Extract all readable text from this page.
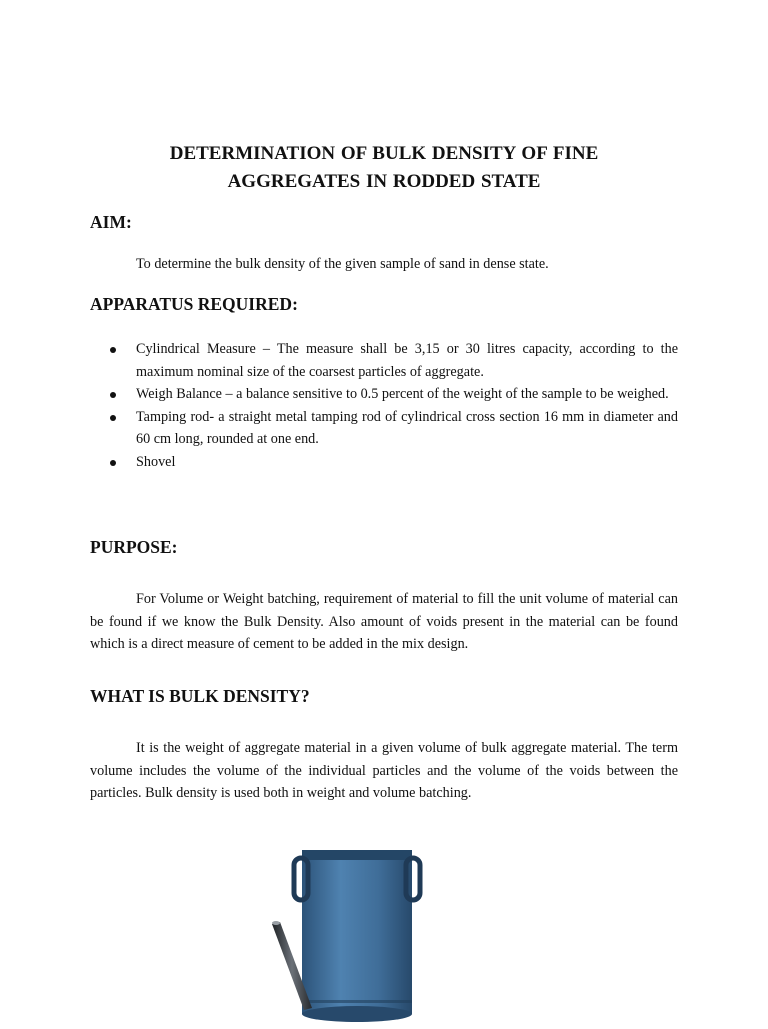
DETERMINATION OF BULK DENSITY OF FINE
AGGREGATES IN RODDED STATE
AIM:
To determine the bulk density of the given sample of sand in dense state.
APPARATUS REQUIRED:
Cylindrical Measure – The measure shall be 3,15 or 30 litres capacity, according to the maximum nominal size of the coarsest particles of aggregate.
Weigh Balance – a balance sensitive to 0.5 percent of the weight of the sample to be weighed.
Tamping rod- a straight metal tamping rod of cylindrical cross section 16 mm in diameter and 60 cm long, rounded at one end.
Shovel
PURPOSE:
For Volume or Weight batching, requirement of material to fill the unit volume of material can be found if we know the Bulk Density. Also amount of voids present in the material can be found which is a direct measure of cement to be added in the mix design.
WHAT IS BULK DENSITY?
It is the weight of aggregate material in a given volume of bulk aggregate material. The term volume includes the volume of the individual particles and the volume of the voids between the particles. Bulk density is used both in weight and volume batching.
